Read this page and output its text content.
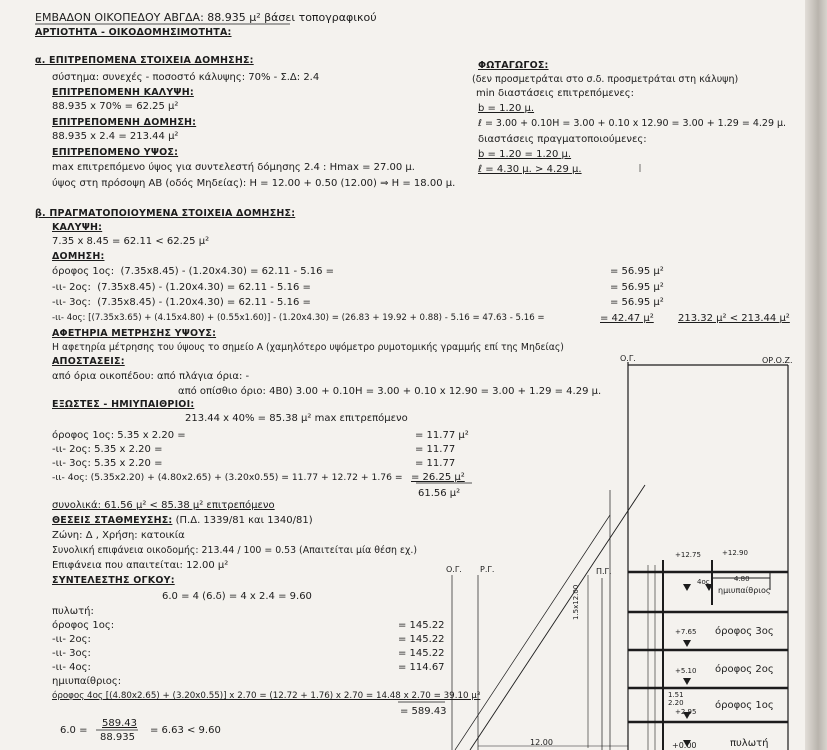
ΕΜΒΑΔΟΝ ΟΙΚΟΠΕΔΟΥ ΑΒΓΔΑ: 88.935 μ² βάσει τοπογραφικού
ΑΡΤΙΟΤΗΤΑ - ΟΙΚΟΔΟΜΗΣΙΜΟΤΗΤΑ:
α. ΕΠΙΤΡΕΠΟΜΕΝΑ ΣΤΟΙΧΕΙΑ ΔΟΜΗΣΗΣ:
σύστημα: συνεχές - ποσοστό κάλυψης: 70% - Σ.Δ: 2.4
ΕΠΙΤΡΕΠΟΜΕΝΗ ΚΑΛΥΨΗ:
88.935 x 70% = 62.25 μ²
ΕΠΙΤΡΕΠΟΜΕΝΗ ΔΟΜΗΣΗ:
88.935 x 2.4 = 213.44 μ²
ΕΠΙΤΡΕΠΟΜΕΝΟ ΥΨΟΣ:
max επιτρεπόμενο ύψος για συντελεστή δόμησης 2.4 : Hmax = 27.00 μ.
ύψος στη πρόσοψη ΑΒ (οδός Μηδείας): H = 12.00 + 0.50 (12.00) ⇒ H = 18.00 μ.
ΦΩΤΑΓΩΓΟΣ:
(δεν προσμετράται στο σ.δ. προσμετράται στη κάλυψη)
min διαστάσεις επιτρεπόμενες:
b = 1.20 μ.
ℓ = 3.00 + 0.10H = 3.00 + 0.10 x 12.90 = 3.00 + 1.29 = 4.29 μ.
διαστάσεις πραγματοποιούμενες:
b = 1.20 = 1.20 μ.
ℓ = 4.30 μ. > 4.29 μ.
β. ΠΡΑΓΜΑΤΟΠΟΙΟΥΜΕΝΑ ΣΤΟΙΧΕΙΑ ΔΟΜΗΣΗΣ:
ΚΑΛΥΨΗ:
7.35 x 8.45 = 62.11 < 62.25 μ²
ΔΟΜΗΣΗ:
όροφος 1ος: (7.35x8.45) - (1.20x4.30) = 62.11 - 5.16 =	= 56.95 μ²
-ιι- 2ος: (7.35x8.45) - (1.20x4.30) = 62.11 - 5.16 =	= 56.95 μ²
-ιι- 3ος: (7.35x8.45) - (1.20x4.30) = 62.11 - 5.16 =	= 56.95 μ²
-ιι- 4ος: [(7.35x3.65) + (4.15x4.80) + (0.55x1.60)] - (1.20x4.30) = (26.83 + 19.92 + 0.88) - 5.16 = 47.63 - 5.16 =	= 42.47 μ² 213.32 μ² < 213.44 μ²
ΑΦΕΤΗΡΙΑ ΜΕΤΡΗΣΗΣ ΥΨΟΥΣ:
Η αφετηρία μέτρησης του ύψους το σημείο Α (χαμηλότερο υψόμετρο ρυμοτομικής γραμμής επί της Μηδείας)
ΑΠΟΣΤΑΣΕΙΣ:
από όρια οικοπέδου: από πλάγια όρια: -
από οπίσθιο όριο: 4Β0) 3.00 + 0.10H = 3.00 + 0.10 x 12.90 = 3.00 + 1.29 = 4.29 μ.
ΕΞΩΣΤΕΣ - ΗΜΙΥΠΑΙΘΡΙΟΙ:
213.44 x 40% = 85.38 μ² max επιτρεπόμενο
όροφος 1ος: 5.35 x 2.20 =	= 11.77 μ²
-ιι- 2ος: 5.35 x 2.20 =	= 11.77
-ιι- 3ος: 5.35 x 2.20 =	= 11.77
-ιι- 4ος: (5.35x2.20) + (4.80x2.65) + (3.20x0.55) = 11.77 + 12.72 + 1.76 = = 26.25 μ²
61.56 μ²
συνολικά: 61.56 μ² < 85.38 μ² επιτρεπόμενο
ΘΕΣΕΙΣ ΣΤΑΘΜΕΥΣΗΣ: (Π.Δ. 1339/81 και 1340/81)
Ζώνη: Δ , Χρήση: κατοικία
Συνολική επιφάνεια οικοδομής: 213.44 / 100 = 0.53 (Απαιτείται μία θέση εχ.)
Επιφάνεια που απαιτείται: 12.00 μ²
ΣΥΝΤΕΛΕΣΤΗΣ ΟΓΚΟΥ:
6.0 = 4 (6.δ) = 4 x 2.4 = 9.60
πυλωτή:
όροφος 1ος:	= 145.22
-ιι- 2ος:	= 145.22
-ιι- 3ος:	= 145.22
-ιι- 4ος:	= 114.67
ημιυπαίθριος:
όροφος 4ος [(4.80x2.65) + (3.20x0.55)] x 2.70 = (12.72 + 1.76) x 2.70 = 14.48 x 2.70 = 39.10 μ³
= 589.43
6.0 =
589.43
88.935
= 6.63 < 9.60
Ο.Γ.	ΟΡ.Ο.Ζ.
Ο.Γ. Ρ.Γ.	Π.Γ.
1.5x12.00
12.00
+12.75	+12.90
4.80
4ος
ημιυπαίθριος
+7.65 όροφος 3ος
+5.10 όροφος 2ος
1.51
2.20
+2.95
όροφος 1ος
+0.00	πυλωτή
